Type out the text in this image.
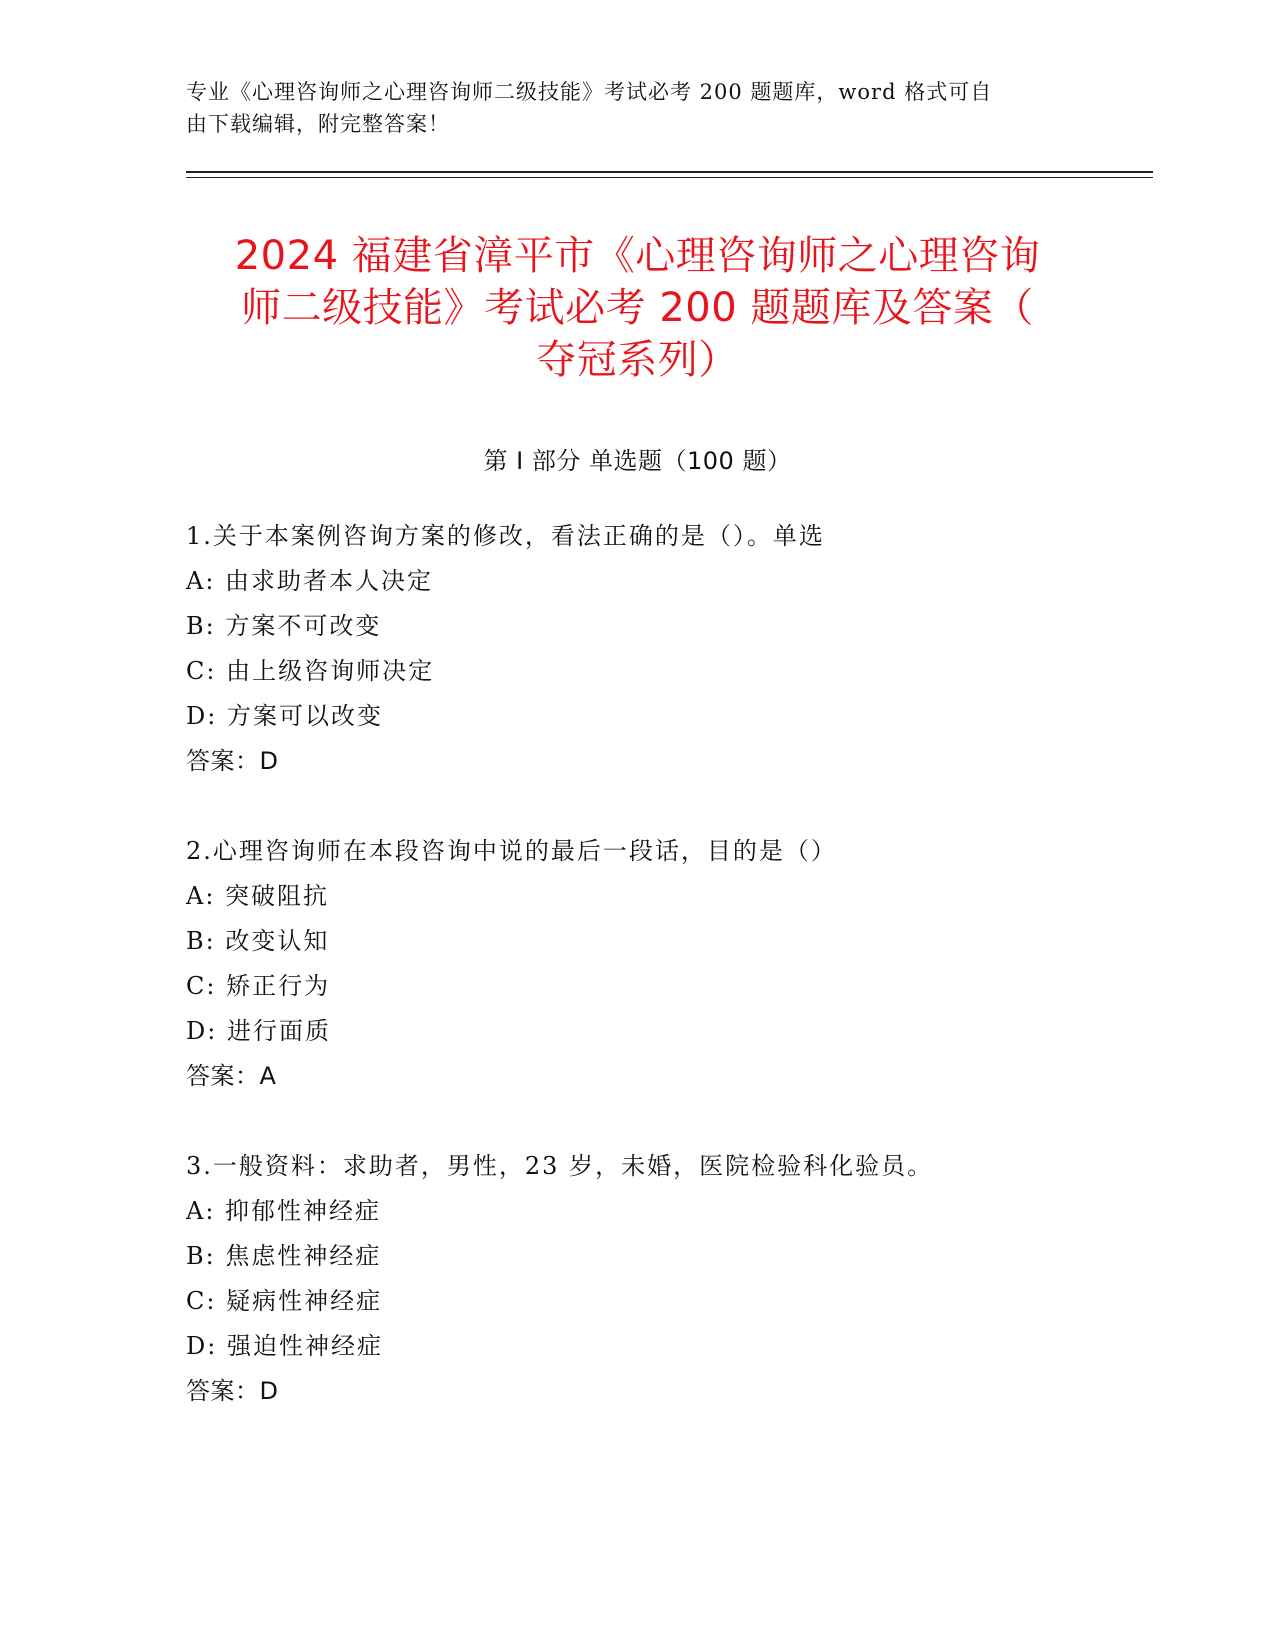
专业《心理咨询师之心理咨询师二级技能》考试必考 200 题题库，word 格式可自
由下载编辑，附完整答案！
2024 福建省漳平市《心理咨询师之心理咨询
师二级技能》考试必考 200 题题库及答案（
夺冠系列）
第 I 部分 单选题（100 题）
1.关于本案例咨询方案的修改，看法正确的是（）。单选
A: 由求助者本人决定
B: 方案不可改变
C: 由上级咨询师决定
D: 方案可以改变
答案：D
2.心理咨询师在本段咨询中说的最后一段话，目的是（）
A: 突破阻抗
B: 改变认知
C: 矫正行为
D: 进行面质
答案：A
3.一般资料：求助者，男性，23 岁，未婚，医院检验科化验员。
A: 抑郁性神经症
B: 焦虑性神经症
C: 疑病性神经症
D: 强迫性神经症
答案：D
